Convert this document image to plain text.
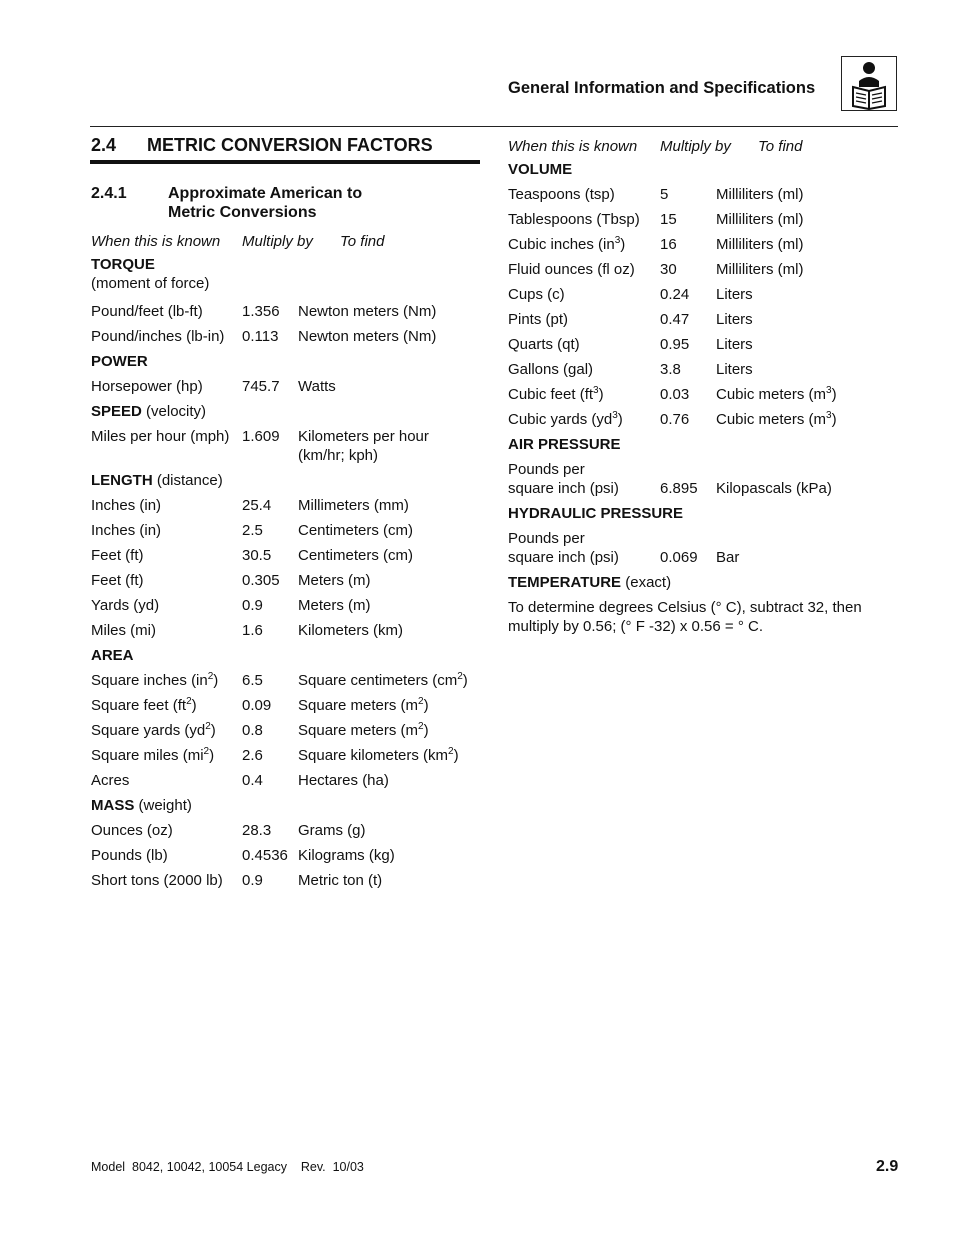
General Information and Specifications
2.4 METRIC CONVERSION FACTORS
2.4.1	Approximate American to Metric Conversions
When this is known Multiply by To find
TORQUE
(moment of force)
Pound/feet (lb-ft)	1.356 Newton meters (Nm)
Pound/inches (lb-in) 0.113 Newton meters (Nm)
POWER
Horsepower (hp)	745.7 Watts
SPEED (velocity)
Miles per hour (mph) 1.609 Kilometers per hour
(km/hr; kph)
LENGTH (distance)
Inches (in)	25.4 Millimeters (mm)
Inches (in)	2.5 Centimeters (cm)
Feet (ft)	30.5 Centimeters (cm)
Feet (ft)	0.305 Meters (m)
Yards (yd)	0.9 Meters (m)
Miles (mi)	1.6 Kilometers (km)
AREA
Square inches $(in^2)$ 6.5 Square centimeters $(cm^2)$
Square feet $(ft^2)$	0.09 Square meters $(m^2)$
Square yards $(yd^2)$ 0.8 Square meters $(m^2)$
Square miles $(mi^2)$ 2.6 Square kilometers $(km^2)$
Acres	0.4 Hectares (ha)
MASS (weight)
Ounces (oz)	28.3 Grams (g)
Pounds (lb)	0.4536 Kilograms (kg)
Short tons (2000 lb) 0.9 Metric ton (t)
When this is known Multiply by To find
VOLUME
Teaspoons (tsp)	5	Milliliters (ml)
Tablespoons (Tbsp) 15	Milliliters (ml)
Cubic inches $(in^3)$ 16	Milliliters (ml)
Fluid ounces (fl oz) 30	Milliliters (ml)
Cups (c)	0.24 Liters
Pints (pt)	0.47 Liters
Quarts (qt)	0.95 Liters
Gallons (gal)	3.8 Liters
Cubic feet $(ft^3)$	0.03 Cubic meters $(m^3)$
Cubic yards $(yd^3)$ 0.76 Cubic meters $(m^3)$
AIR PRESSURE
Pounds per
square inch (psi)	6.895 Kilopascals (kPa)
HYDRAULIC PRESSURE
Pounds per
square inch (psi)	0.069 Bar
TEMPERATURE (exact)
To determine degrees Celsius (° C), subtract 32, then multiply by 0.56; (° F -32) x 0.56 = ° C.
Model  8042, 10042, 10054 Legacy    Rev.  10/03	2.9
